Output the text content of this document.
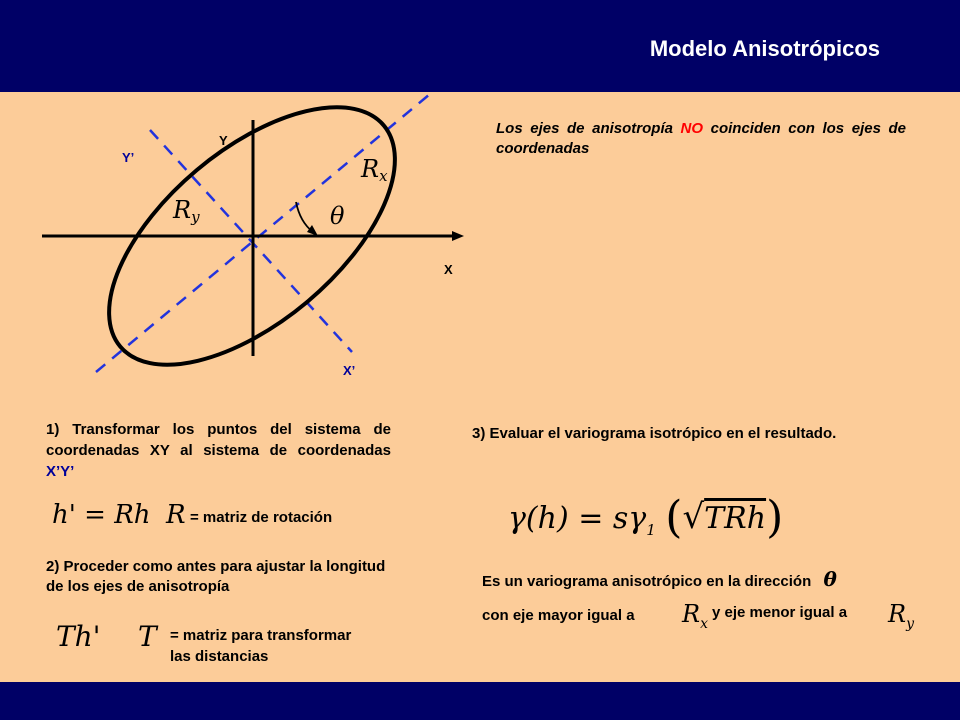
Modelo Anisotrópicos
Y
X
Y’
X’
Rx
Ry	θ
Los ejes de anisotropía NO coinciden con los ejes de coordenadas
1) Transformar los puntos del sistema de coordenadas XY al sistema de coordenadas X’Y’
h' = Rh R = matriz de rotación
2) Proceder como antes para ajustar la longitud de los ejes de anisotropía
Th' T = matriz para transformar
las distancias
3) Evaluar el variograma isotrópico en el resultado.
$\gamma(h) = s\gamma_1$ (√TRh)
Es un variograma anisotrópico en la dirección θ
con eje mayor igual a $R_x$
y eje menor igual a $R_y$
